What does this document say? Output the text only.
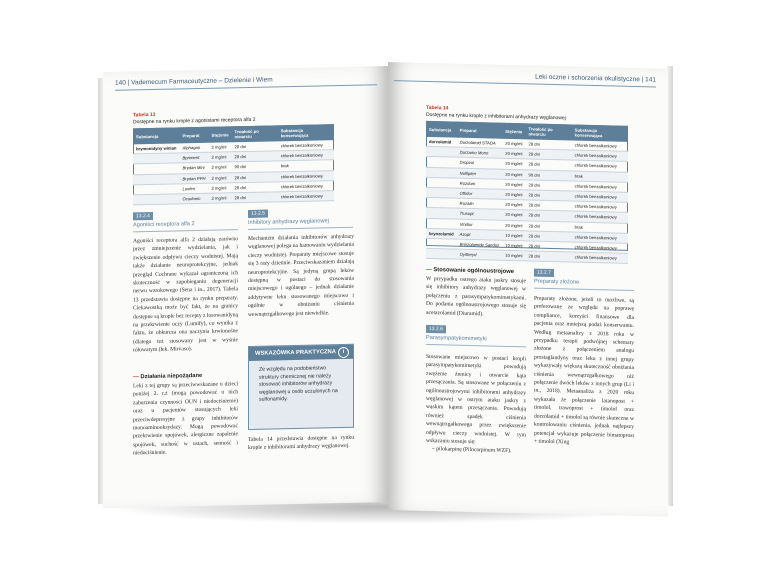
140 | Vademecum Farmaceutyczne – Dzielenie i Wiem
Tabela 13
Dostępne na rynku krople z agonistami receptora alfa 2
Substancja	Preparat	Stężenie	Trwałość po otwarciu	Substancja konserwująca
brymonidyny winian	Alphagan	2 mg/ml	28 dni	chlorek benzalkoniowy
	Bpriment	2 mg/ml	28 dni	chlorek benzalkoniowy
	Brydan Mini	2 mg/ml	90 dni	brak
	Brydan PPH	2 mg/ml	28 dni	chlorek benzalkoniowy
	Luxfen	2 mg/ml	28 dni	chlorek benzalkoniowy
	Ocudonin	2 mg/ml	28 dni	chlorek benzalkoniowy
13.2.4
Agoniści receptora alfa 2
13.2.5
Inhibitory anhydrazy węglanowej

Agoniści receptora alfa 2 działają zarówno przez zmniejszenie wydzielania, jak i zwiększenie odpływu cieczy wodnistej. Mają także działanie neuroprotekcyjne, jednak przegląd Cochrane wykazał ograniczoną ich skuteczność w zapobieganiu degeneracji nerwu wzrokowego (Sena i in., 2017). Tabela 13 przedstawia dostępne na rynku preparaty. Ciekawostką może być fakt, że na granicy dostępne są krople bez recepty z łosowanidyną na przekrwienie oczy (Lumify), co wynika z faktu, że obkurcza ona naczynia krwionośne (dlatego też stosowany jest w wyśnie rółowatym (łek. Mirvaso).

— Działania niepożądane

Leki z tej grupy są przeciwwskazane u dzieci poniżej 2. r.ż (mogą powodować u nich zaburzenia czynności OUN i niedociśnienie) oraz u pacjentów stosujących leki przeciwdepresyjne z grupy inhibitorów monoaminooksydazy. Mogą powodować przekrwienie spojówek, alergiczne zapalenie spojówek, suchość w ustach, senność i niedociśnienie.

Mechanizm działania inhibitorów anhydrazy węglanowej polega na hamowaniu wydzielania cieczy wodnistej. Preparaty miejscowe stosuje się 3 razy dziennie. Przeciwskazaniem działają neuroprotekcyjne. Są jedyną grupą leków dostępną w postaci do stosowania miejscowego i ogólnego – jednak działanie addytywne leku stosowanego miejscowo i ogólnie w obniżaniu ciśnienia wewnątrzgałkowego jest niewielkie.

WSKAZÓWKA PRAKTYCZNA	i
Ze względu na podobieństwo struktury chemicznej nie należy stosować inhibitorów anhydrazy węglanowej u osób uczulonych na sulfonamidy.

Tabela 14 przedstawia dostępne na rynku krople z inhibitorami anhydrazy węglanowej.

Leki oczne i schorzenia okulistyczne | 141
Tabela 14
Dostępne na rynku krople z inhibitorami anhydrazy węglanowej
Substancja	Preparat	Stężenie	Trwałość po otwarciu	Substancja konserwująca
dorzolamid	Dorzolamid STADA	20 mg/ml	28 dni	chlorek benzalkoniowy
	Dorzamo Mono	20 mg/ml	28 dni	chlorek benzalkoniowy
	Dropzol	20 mg/ml	28 dni	chlorek benzalkoniowy
	Nolfiplen	20 mg/ml	90 dni	brak
	Rozdum	20 mg/ml	28 dni	chlorek benzalkoniowy
	Oftidor	20 mg/ml	28 dni	chlorek benzalkoniowy
	Rozalin	20 mg/ml	28 dni	chlorek benzalkoniowy
	Trusopt	20 mg/ml	28 dni	chlorek benzalkoniowy
	Vindior	20 mg/ml	28 dni	brak
brynzolamid	Azopt	10 mg/ml	28 dni	chlorek benzalkoniowy
	Brinzolamide Sandoz	10 mg/ml	28 dni	chlorek benzalkoniowy
	Oyitteryd	10 mg/ml	28 dni	chlorek benzalkoniowy
— Stosowanie ogólnoustrojowe

W przypadku ostrego ataku jaskry stosuje się inhibitory anhydrazy węglanowej w połączeniu z parasympatykomimetykami. Do podania ogólnoustrojowego stosuje się acetazolamid (Diuramid).

13.2.6
Parasympatykomimetyki

Stosowane miejscowo w postaci kropli parasympatykomimetyki powodują zwężenie źrenicy i otwarcie kąta przesączania. Są stosowane w połączeniu z ogólnoustrojowymi inhibitorami anhydrazy węglanowej w ostrym ataku jaskry z wąskim kątem przesączania. Powodują również spadek ciśnienia wewnątrzgałkowego przez zwiększenie odpływu cieczy wodnistej. W tym wskazaniu stosuje się:

– pilokarpinę (Pilocarpinum WZF).

13.2.7
Preparaty złożone

Preparaty złożone, jeżeli to możliwe, są preferowane ze względu na poprawę compliance, korzyści finansowe dla pacjenta oraz mniejszą podaż konserwantu. Według metaanalizy z 2018 roku w przypadku terapii podwójnej schematy złożone z połączeniem analogu prostaglandyny oraz leku z innej grupy wykazywały większą skuteczność obniżania ciśnienia wewnątrzgałkowego niż połączenie dwóch leków z innych grup (Li i in., 2018). Metaanaliza z 2020 roku wykazała że połączenie latanopost + timolol, trawoprost + timolol oraz dorzolamid + timolol są równie skuteczne w kontrolowaniu ciśnienia, jednak najlepszy potencjał wykazuje połączenie bimatoprost + timolol (Xing
